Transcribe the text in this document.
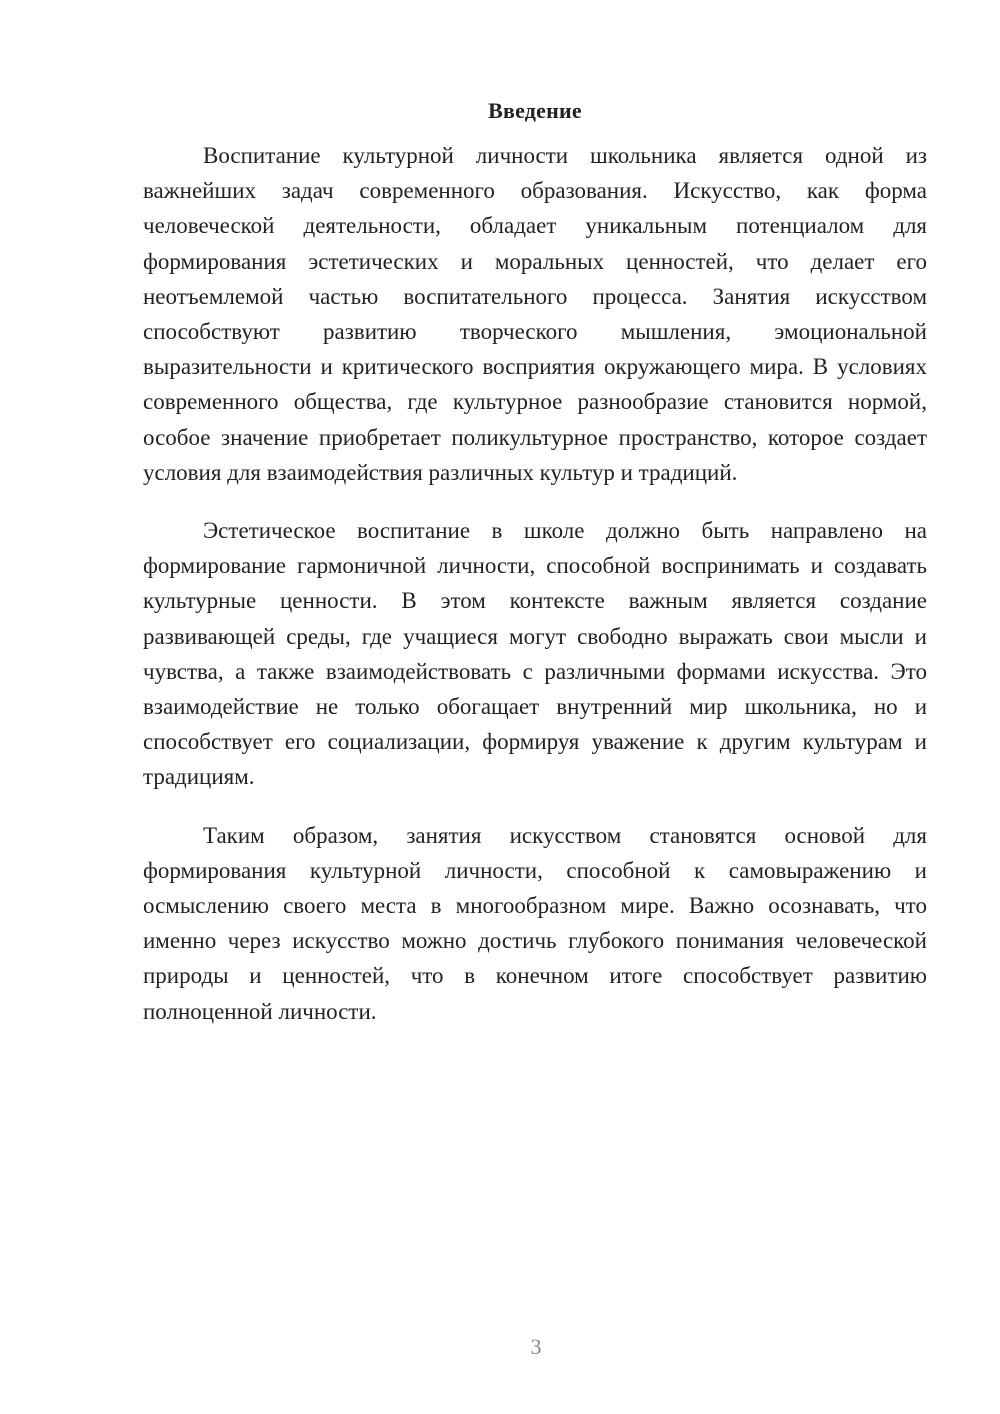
Введение

Воспитание культурной личности школьника является одной из важнейших задач современного образования. Искусство, как форма человеческой деятельности, обладает уникальным потенциалом для формирования эстетических и моральных ценностей, что делает его неотъемлемой частью воспитательного процесса. Занятия искусством способствуют развитию творческого мышления, эмоциональной выразительности и критического восприятия окружающего мира. В условиях современного общества, где культурное разнообразие становится нормой, особое значение приобретает поликультурное пространство, которое создает условия для взаимодействия различных культур и традиций.

Эстетическое воспитание в школе должно быть направлено на формирование гармоничной личности, способной воспринимать и создавать культурные ценности. В этом контексте важным является создание развивающей среды, где учащиеся могут свободно выражать свои мысли и чувства, а также взаимодействовать с различными формами искусства. Это взаимодействие не только обогащает внутренний мир школьника, но и способствует его социализации, формируя уважение к другим культурам и традициям.

Таким образом, занятия искусством становятся основой для формирования культурной личности, способной к самовыражению и осмыслению своего места в многообразном мире. Важно осознавать, что именно через искусство можно достичь глубокого понимания человеческой природы и ценностей, что в конечном итоге способствует развитию полноценной личности.

3
